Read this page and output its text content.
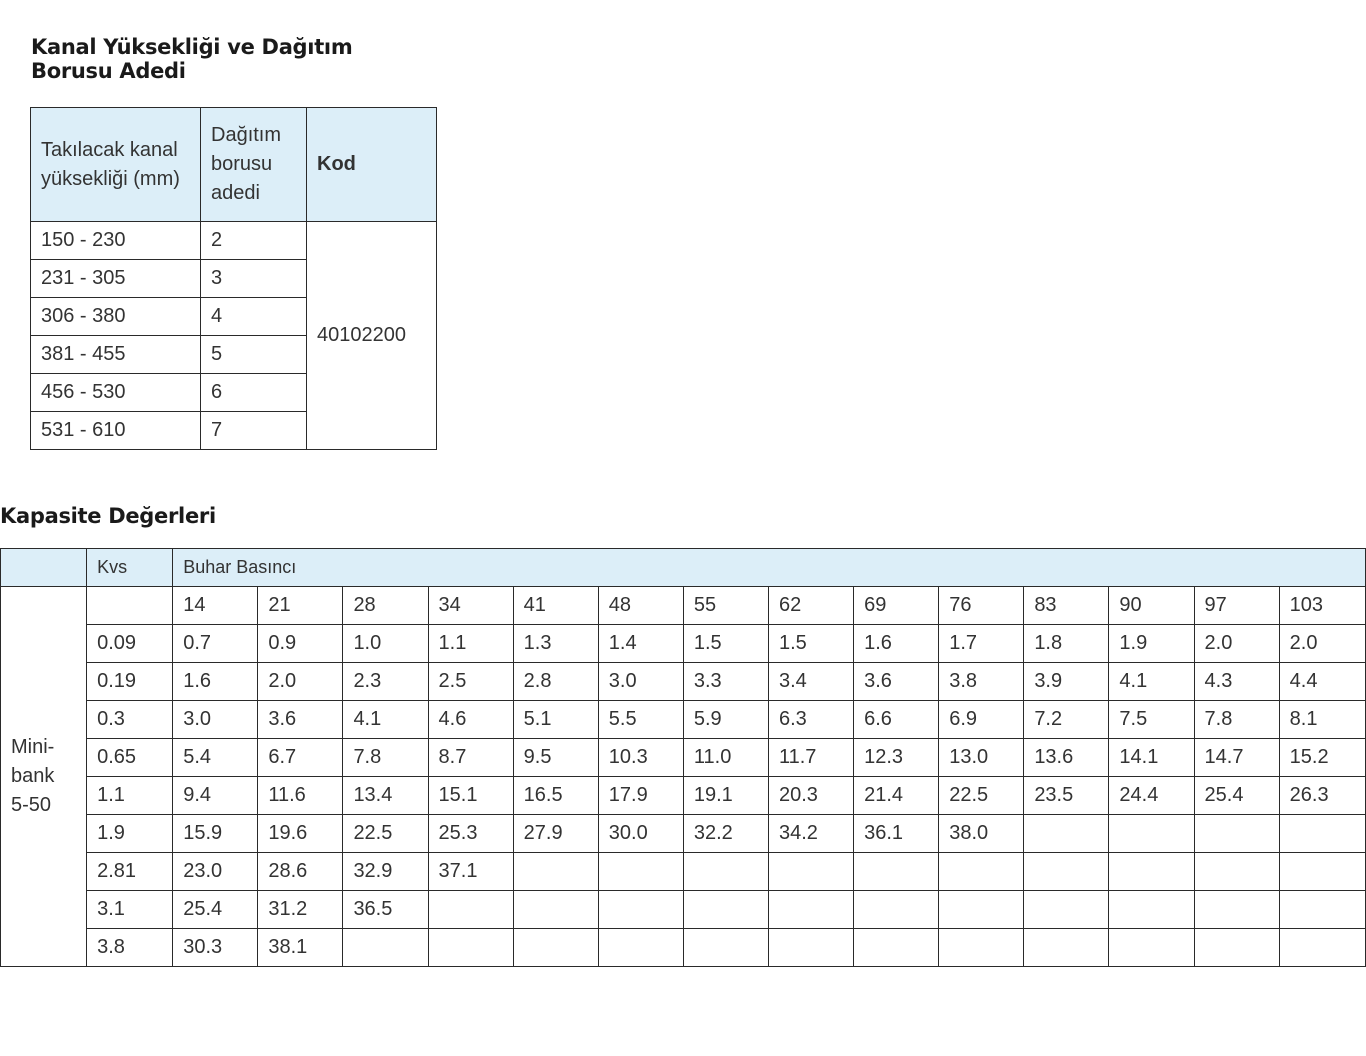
Kanal Yüksekliği ve Dağıtım
Borusu Adedi
Takılacak kanal yüksekliği (mm)	Dağıtım borusu adedi	Kod
150 - 230	2	40102200
231 - 305	3	
306 - 380	4	
381 - 455	5	
456 - 530	6	
531 - 610	7	
Kapasite Değerleri
	Kvs	Buhar Basıncı													
Mini-bank 5-50		14	21	28	34	41	48	55	62	69	76	83	90	97	103
	0.09	0.7	0.9	1.0	1.1	1.3	1.4	1.5	1.5	1.6	1.7	1.8	1.9	2.0	2.0
	0.19	1.6	2.0	2.3	2.5	2.8	3.0	3.3	3.4	3.6	3.8	3.9	4.1	4.3	4.4
	0.3	3.0	3.6	4.1	4.6	5.1	5.5	5.9	6.3	6.6	6.9	7.2	7.5	7.8	8.1
	0.65	5.4	6.7	7.8	8.7	9.5	10.3	11.0	11.7	12.3	13.0	13.6	14.1	14.7	15.2
	1.1	9.4	11.6	13.4	15.1	16.5	17.9	19.1	20.3	21.4	22.5	23.5	24.4	25.4	26.3
	1.9	15.9	19.6	22.5	25.3	27.9	30.0	32.2	34.2	36.1	38.0				
	2.81	23.0	28.6	32.9	37.1										
	3.1	25.4	31.2	36.5											
	3.8	30.3	38.1												
